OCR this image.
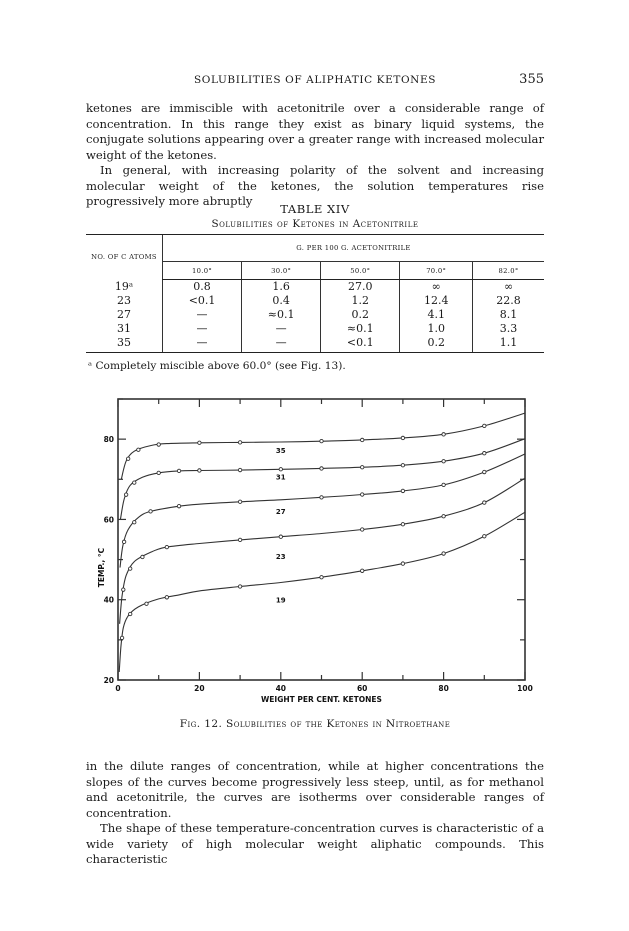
SOLUBILITIES OF ALIPHATIC KETONES	355

ketones are immiscible with acetonitrile over a considerable range of concentration. In this range they exist as binary liquid systems, the conjugate solutions appearing over a greater range with increased molecular weight of the ketones.

In general, with increasing polarity of the solvent and increasing molecular weight of the ketones, the solution temperatures rise progressively more abruptly

TABLE XIV
Solubilities of Ketones in Acetonitrile
NO. OF C ATOMS	G. PER 100 G. ACETONITRILE				
	10.0°	30.0°	50.0°	70.0°	82.0°
19ᵃ	0.8	1.6	27.0	∞	∞
23	<0.1	0.4	1.2	12.4	22.8
27	—	≈0.1	0.2	4.1	8.1
31	—	—	≈0.1	1.0	3.3
35	—	—	<0.1	0.2	1.1
ᵃ Completely miscible above 60.0° (see Fig. 13).
0	20	40	60	80	100
20
40
60
80
WEIGHT PER CENT. KETONES
TEMP., °C
19
23
27
31
35
Fig. 12. Solubilities of the Ketones in Nitroethane

in the dilute ranges of concentration, while at higher concentrations the slopes of the curves become progressively less steep, until, as for methanol and acetonitrile, the curves are isotherms over considerable ranges of concentration.

The shape of these temperature-concentration curves is characteristic of a wide variety of high molecular weight aliphatic compounds. This characteristic
